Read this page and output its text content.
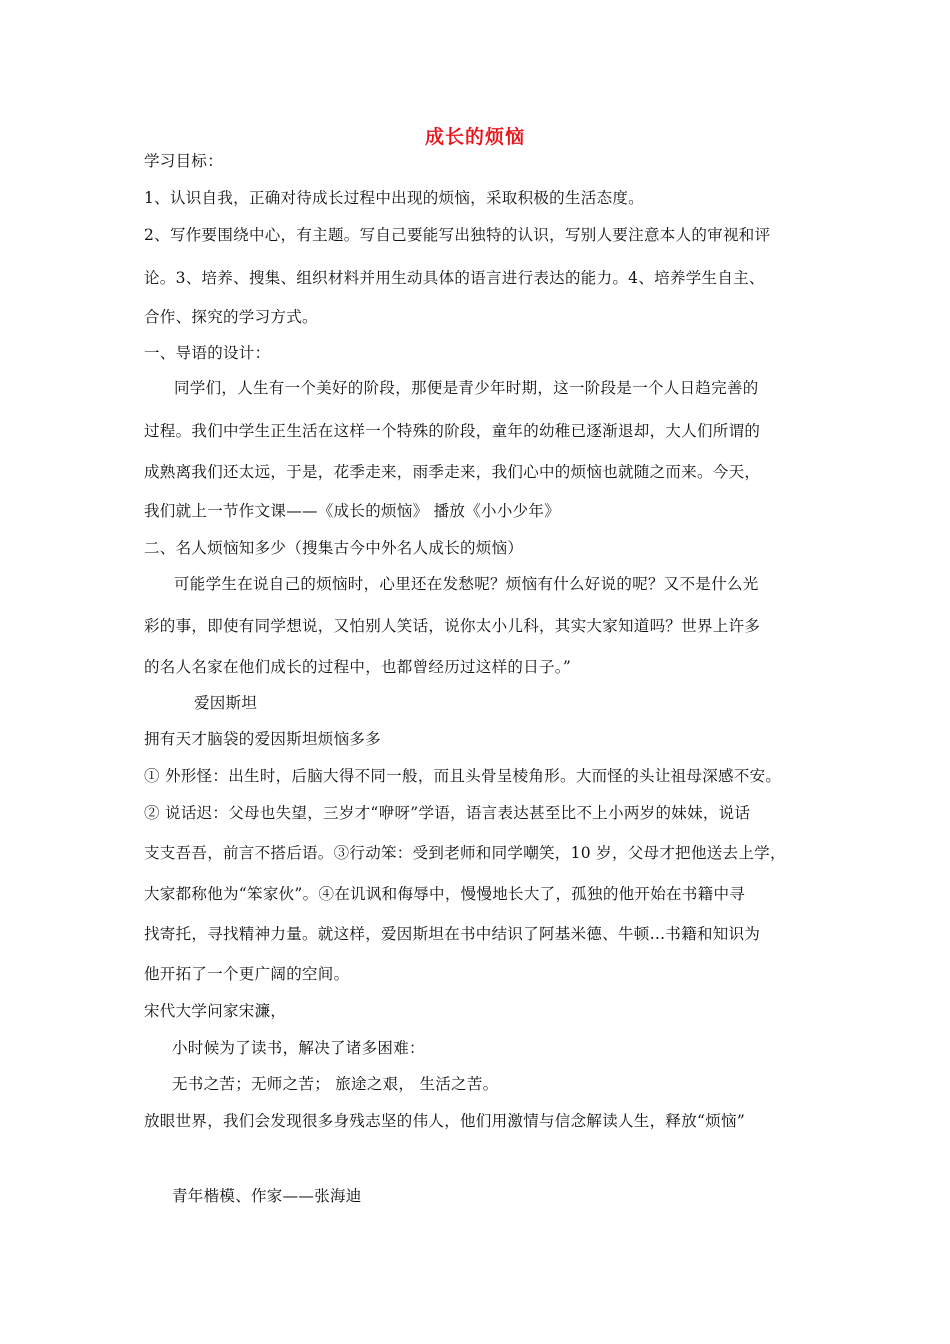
成长的烦恼
学习目标：
1、认识自我，正确对待成长过程中出现的烦恼，采取积极的生活态度。
2、写作要围绕中心，有主题。写自己要能写出独特的认识，写别人要注意本人的审视和评
论。3、培养、搜集、组织材料并用生动具体的语言进行表达的能力。4、培养学生自主、
合作、探究的学习方式。
一、导语的设计：
同学们，人生有一个美好的阶段，那便是青少年时期，这一阶段是一个人日趋完善的
过程。我们中学生正生活在这样一个特殊的阶段，童年的幼稚已逐渐退却，大人们所谓的
成熟离我们还太远，于是，花季走来，雨季走来，我们心中的烦恼也就随之而来。今天，
我们就上一节作文课——《成长的烦恼》 播放《小小少年》
二、名人烦恼知多少（搜集古今中外名人成长的烦恼）
可能学生在说自己的烦恼时，心里还在发愁呢？烦恼有什么好说的呢？又不是什么光
彩的事，即使有同学想说，又怕别人笑话，说你太小儿科，其实大家知道吗？世界上许多
的名人名家在他们成长的过程中，也都曾经历过这样的日子。”
爱因斯坦
拥有天才脑袋的爱因斯坦烦恼多多
① 外形怪：出生时，后脑大得不同一般，而且头骨呈棱角形。大而怪的头让祖母深感不安。
② 说话迟：父母也失望，三岁才“咿呀”学语，语言表达甚至比不上小两岁的妹妹，说话
支支吾吾，前言不搭后语。③行动笨：受到老师和同学嘲笑，10 岁，父母才把他送去上学，
大家都称他为“笨家伙”。④在讥讽和侮辱中，慢慢地长大了，孤独的他开始在书籍中寻
找寄托，寻找精神力量。就这样，爱因斯坦在书中结识了阿基米德、牛顿…书籍和知识为
他开拓了一个更广阔的空间。
宋代大学问家宋濂，
小时候为了读书，解决了诸多困难：
无书之苦；无师之苦； 旅途之艰， 生活之苦。
放眼世界，我们会发现很多身残志坚的伟人，他们用激情与信念解读人生，释放“烦恼”
青年楷模、作家——张海迪
